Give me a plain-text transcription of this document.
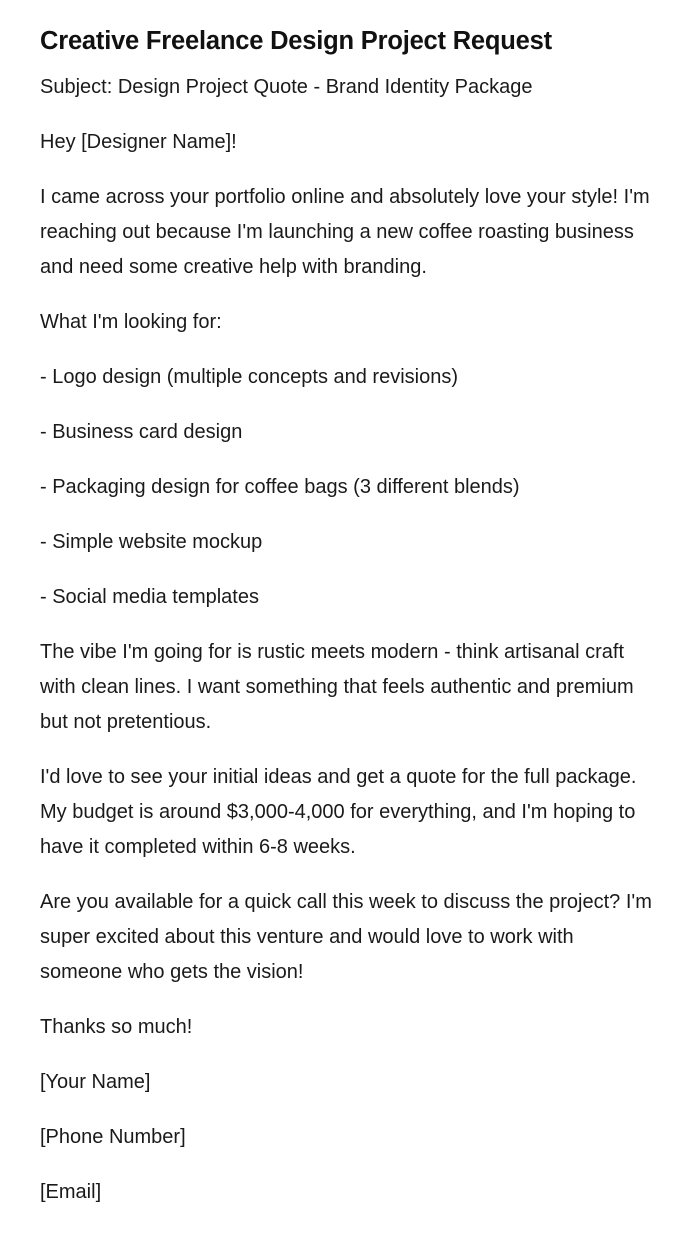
Creative Freelance Design Project Request

Subject: Design Project Quote - Brand Identity Package

Hey [Designer Name]!

I came across your portfolio online and absolutely love your style! I'm reaching out because I'm launching a new coffee roasting business and need some creative help with branding.

What I'm looking for:

- Logo design (multiple concepts and revisions)

- Business card design

- Packaging design for coffee bags (3 different blends)

- Simple website mockup

- Social media templates

The vibe I'm going for is rustic meets modern - think artisanal craft with clean lines. I want something that feels authentic and premium but not pretentious.

I'd love to see your initial ideas and get a quote for the full package. My budget is around $3,000-4,000 for everything, and I'm hoping to have it completed within 6-8 weeks.

Are you available for a quick call this week to discuss the project? I'm super excited about this venture and would love to work with someone who gets the vision!

Thanks so much!

[Your Name]

[Phone Number]

[Email]
